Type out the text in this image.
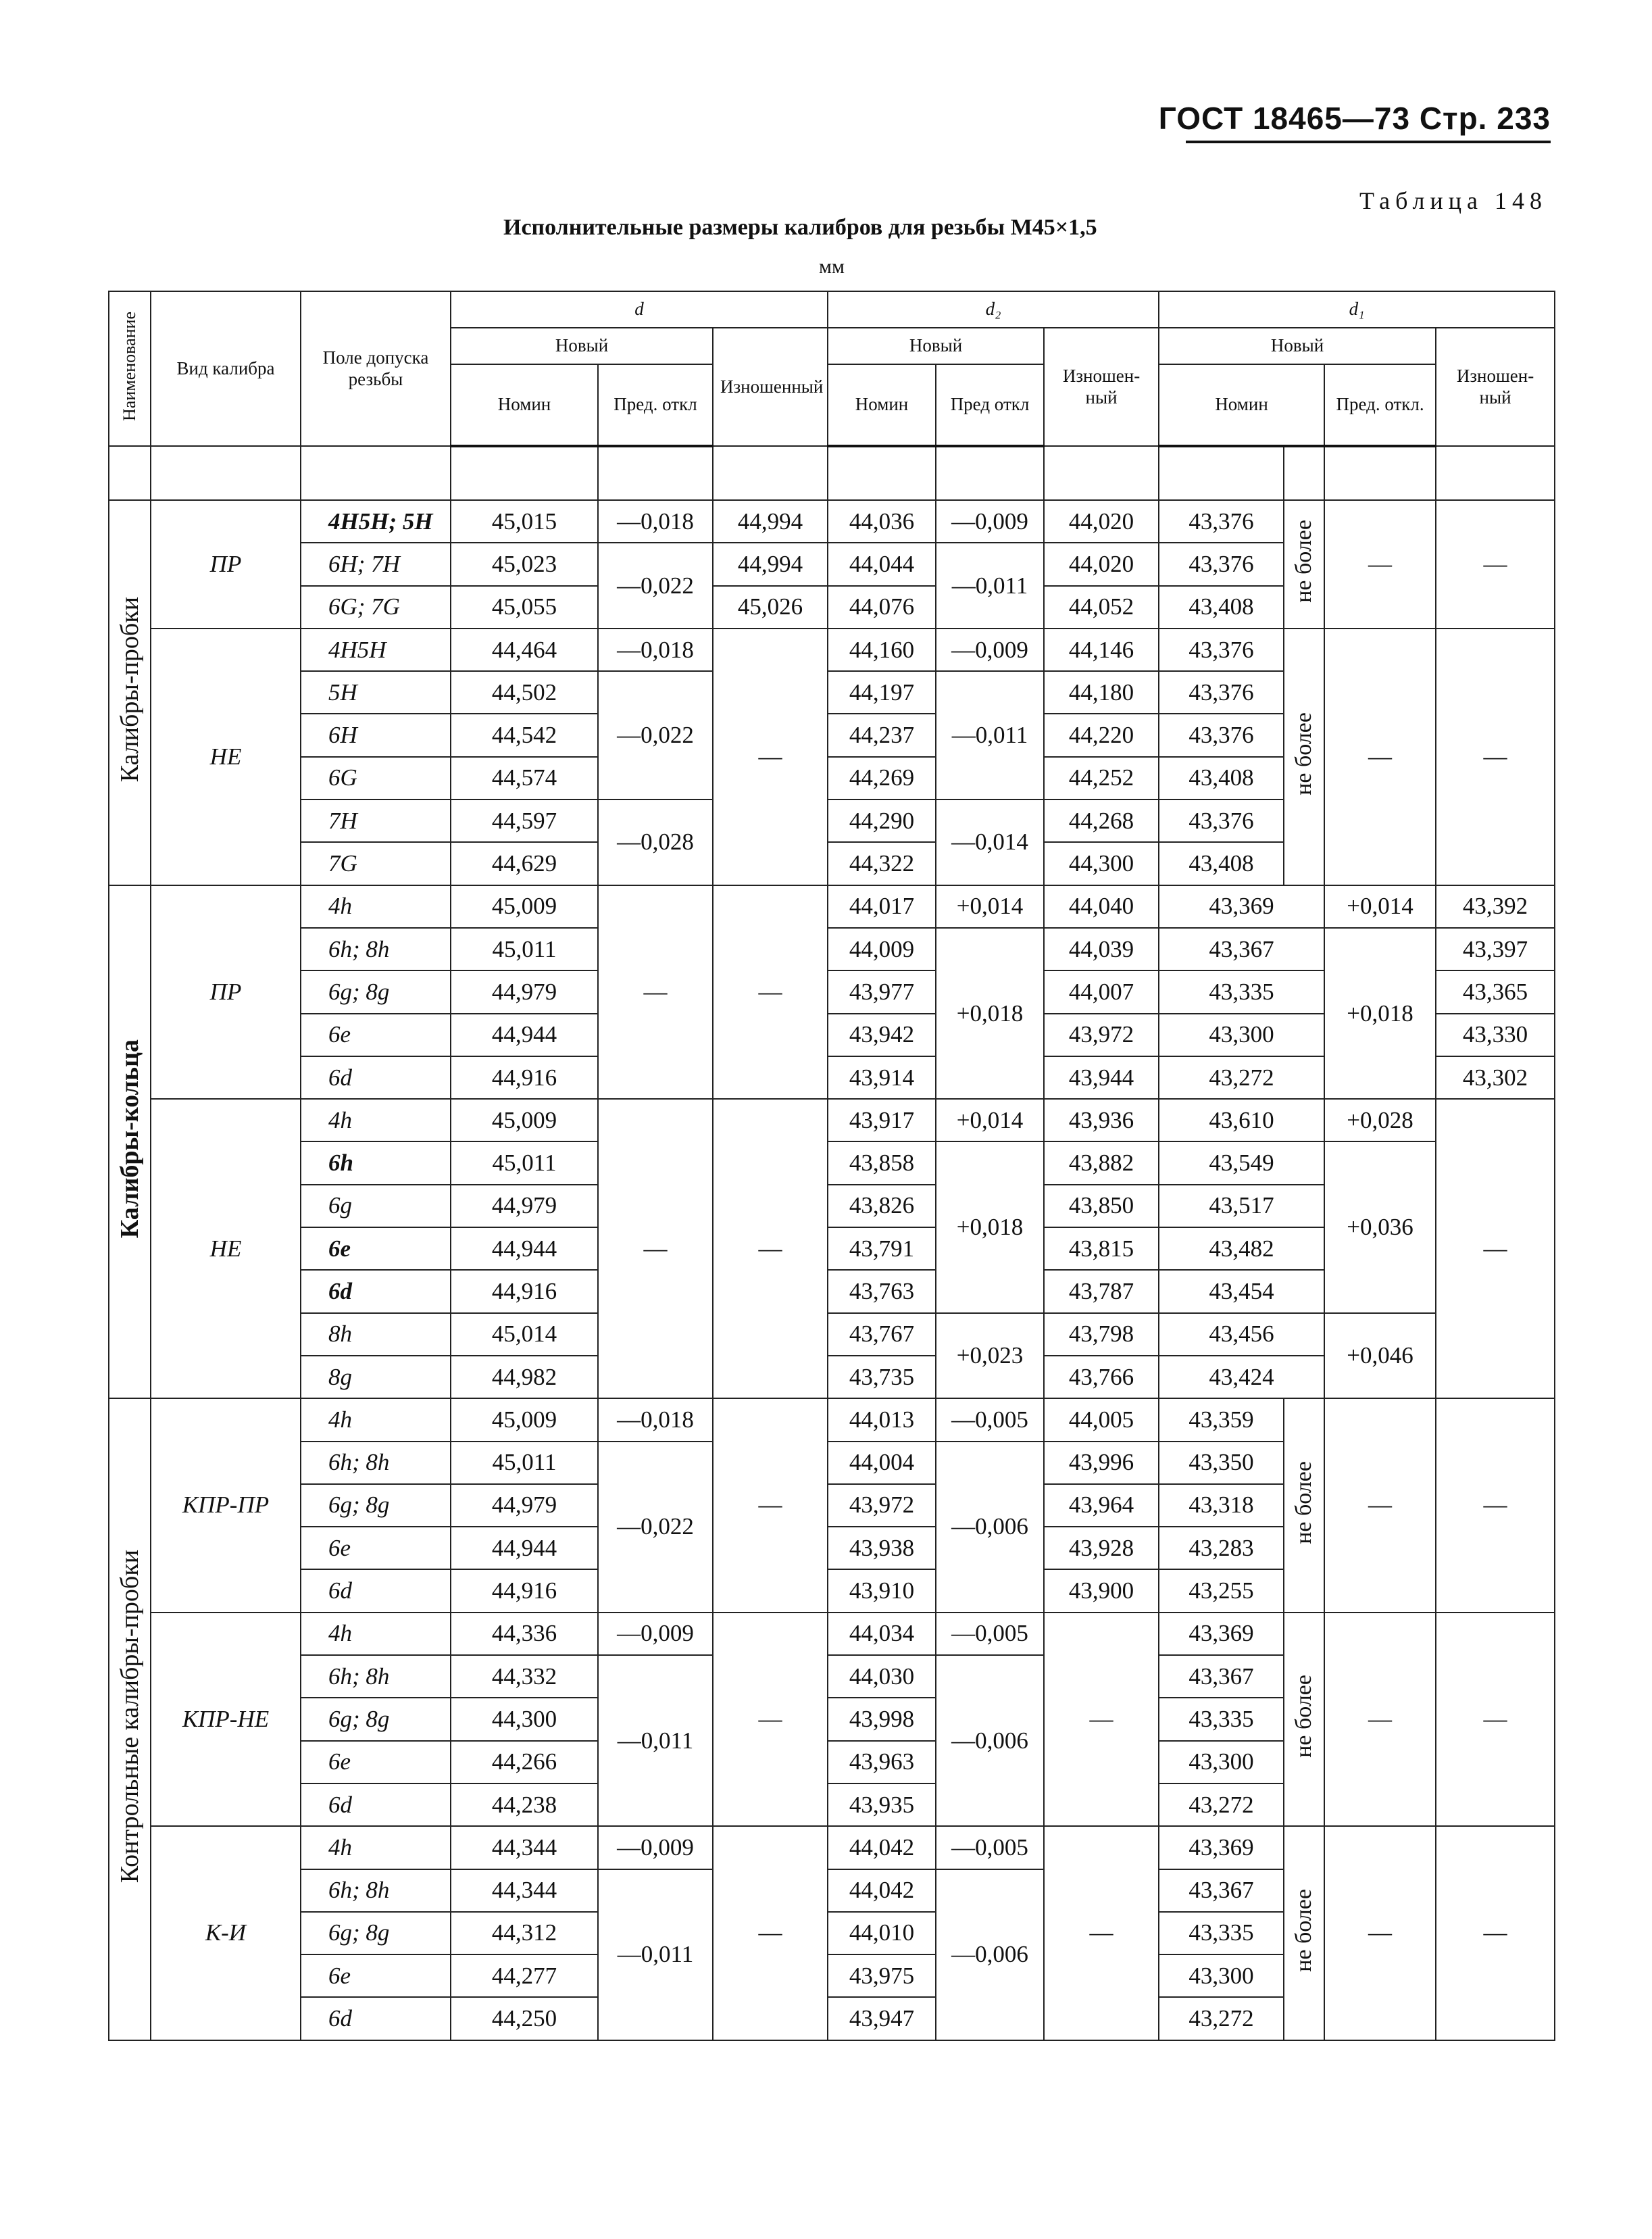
ГОСТ 18465—73 Стр. 233
Таблица 148
Исполнительные размеры калибров для резьбы М45×1,5
мм
Наименование	Вид калибра	Поле допуска резьбы	d			d₂			d₁			
			Новый		Изношенный	Новый		Изношен-ный	Новый			Изношен-ный
			Номин	Пред. откл		Номин	Пред откл		Номин		Пред. откл.	

Калибры-пробки	ПР	4H5H; 5H	45,015	—0,018	44,994	44,036	—0,009	44,020	43,376	не более	—	—
		6H; 7H	45,023	—0,022	44,994	44,044	—0,011	44,020	43,376			
		6G; 7G	45,055		45,026	44,076		44,052	43,408			
	НЕ	4H5H	44,464	—0,018	—	44,160	—0,009	44,146	43,376	не более	—	—
		5H	44,502	—0,022		44,197	—0,011	44,180	43,376			
		6H	44,542			44,237		44,220	43,376			
		6G	44,574			44,269		44,252	43,408			
		7H	44,597	—0,028		44,290	—0,014	44,268	43,376			
		7G	44,629			44,322		44,300	43,408			
Калибры-кольца	ПР	4h	45,009	—	—	44,017	+0,014	44,040	43,369		+0,014	43,392
		6h; 8h	45,011			44,009	+0,018	44,039	43,367		+0,018	43,397
		6g; 8g	44,979			43,977		44,007	43,335			43,365
		6e	44,944			43,942		43,972	43,300			43,330
		6d	44,916			43,914		43,944	43,272			43,302
	НЕ	4h	45,009	—	—	43,917	+0,014	43,936	43,610		+0,028	—
		6h	45,011			43,858	+0,018	43,882	43,549		+0,036	
		6g	44,979			43,826		43,850	43,517			
		6e	44,944			43,791		43,815	43,482			
		6d	44,916			43,763		43,787	43,454			
		8h	45,014			43,767	+0,023	43,798	43,456		+0,046	
		8g	44,982			43,735		43,766	43,424			
Контрольные калибры-пробки	КПР-ПР	4h	45,009	—0,018	—	44,013	—0,005	44,005	43,359	не более	—	—
		6h; 8h	45,011	—0,022		44,004	—0,006	43,996	43,350			
		6g; 8g	44,979			43,972		43,964	43,318			
		6e	44,944			43,938		43,928	43,283			
		6d	44,916			43,910		43,900	43,255			
	КПР-НЕ	4h	44,336	—0,009	—	44,034	—0,005	—	43,369	не более	—	—
		6h; 8h	44,332	—0,011		44,030	—0,006		43,367			
		6g; 8g	44,300			43,998			43,335			
		6e	44,266			43,963			43,300			
		6d	44,238			43,935			43,272			
	К-И	4h	44,344	—0,009	—	44,042	—0,005	—	43,369	не более	—	—
		6h; 8h	44,344	—0,011		44,042	—0,006		43,367			
		6g; 8g	44,312			44,010			43,335			
		6e	44,277			43,975			43,300			
		6d	44,250			43,947			43,272			
